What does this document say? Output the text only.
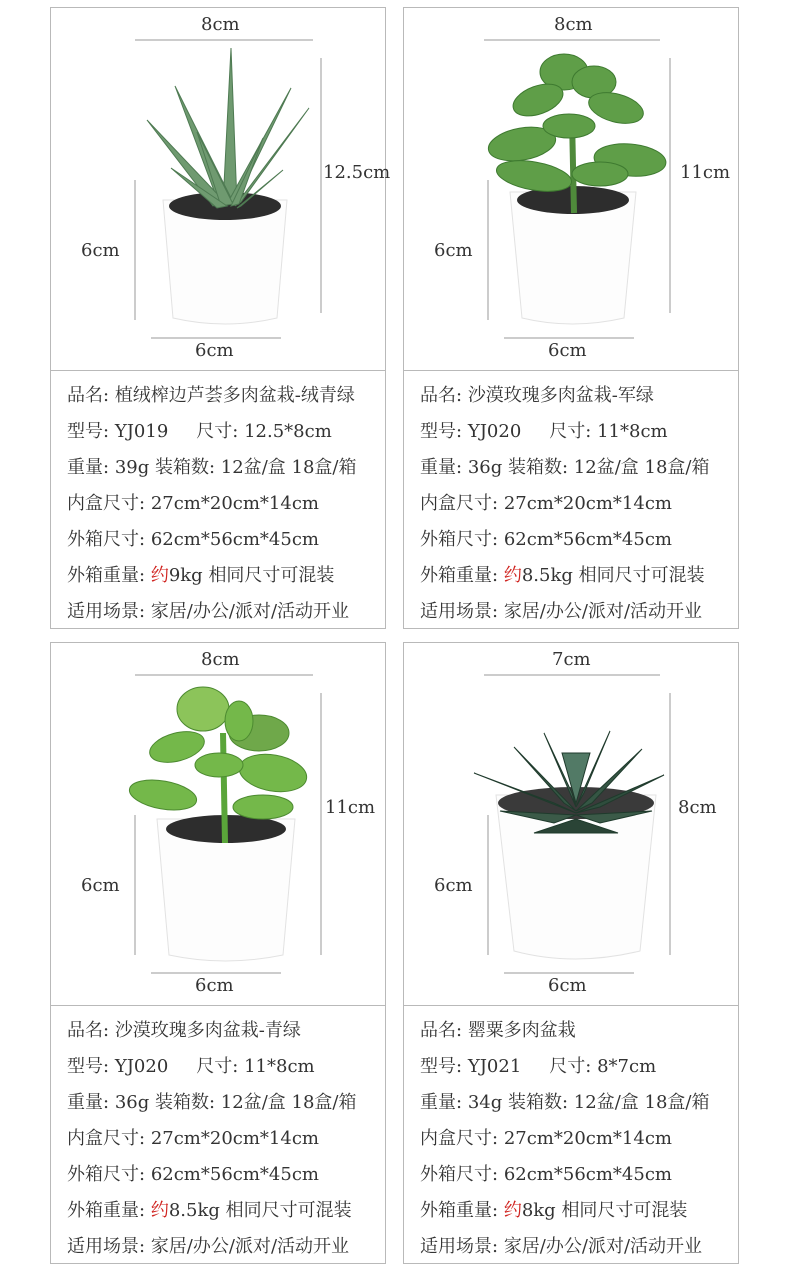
8cm
12.5cm
6cm
6cm
品名: 植绒榨边芦荟多肉盆栽-绒青绿
型号: YJ019 尺寸: 12.5*8cm
重量: 39g 装箱数: 12盆/盒 18盒/箱
内盒尺寸: 27cm*20cm*14cm
外箱尺寸: 62cm*56cm*45cm
外箱重量: 约9kg 相同尺寸可混装
适用场景: 家居/办公/派对/活动开业
8cm
11cm
6cm
6cm
品名: 沙漠玫瑰多肉盆栽-军绿
型号: YJ020 尺寸: 11*8cm
重量: 36g 装箱数: 12盆/盒 18盒/箱
内盒尺寸: 27cm*20cm*14cm
外箱尺寸: 62cm*56cm*45cm
外箱重量: 约8.5kg 相同尺寸可混装
适用场景: 家居/办公/派对/活动开业
8cm
11cm
6cm
6cm
品名: 沙漠玫瑰多肉盆栽-青绿
型号: YJ020 尺寸: 11*8cm
重量: 36g 装箱数: 12盆/盒 18盒/箱
内盒尺寸: 27cm*20cm*14cm
外箱尺寸: 62cm*56cm*45cm
外箱重量: 约8.5kg 相同尺寸可混装
适用场景: 家居/办公/派对/活动开业
7cm
8cm
6cm
6cm
品名: 罂粟多肉盆栽
型号: YJ021 尺寸: 8*7cm
重量: 34g 装箱数: 12盆/盒 18盒/箱
内盒尺寸: 27cm*20cm*14cm
外箱尺寸: 62cm*56cm*45cm
外箱重量: 约8kg 相同尺寸可混装
适用场景: 家居/办公/派对/活动开业
